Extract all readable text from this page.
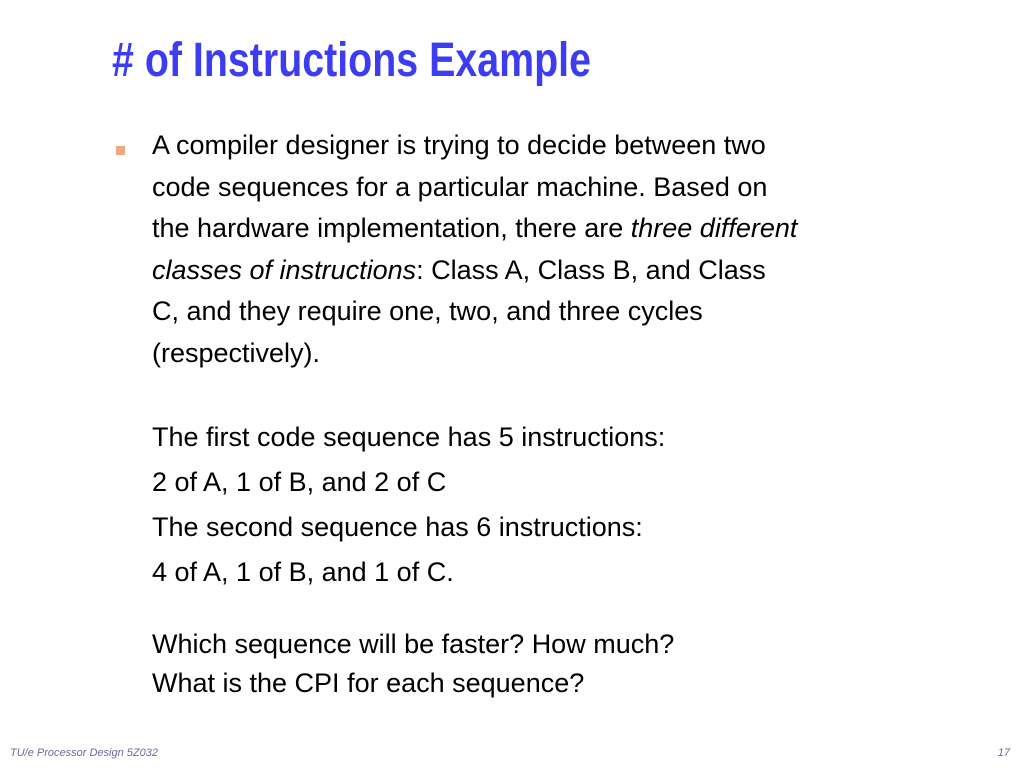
# of Instructions Example
A compiler designer is trying to decide between two
code sequences for a particular machine. Based on
the hardware implementation, there are three different
classes of instructions: Class A, Class B, and Class
C, and they require one, two, and three cycles
(respectively).
The first code sequence has 5 instructions:
2 of A, 1 of B, and 2 of C
The second sequence has 6 instructions:
4 of A, 1 of B, and 1 of C.
Which sequence will be faster? How much?
What is the CPI for each sequence?
TU/e Processor Design 5Z032	17
